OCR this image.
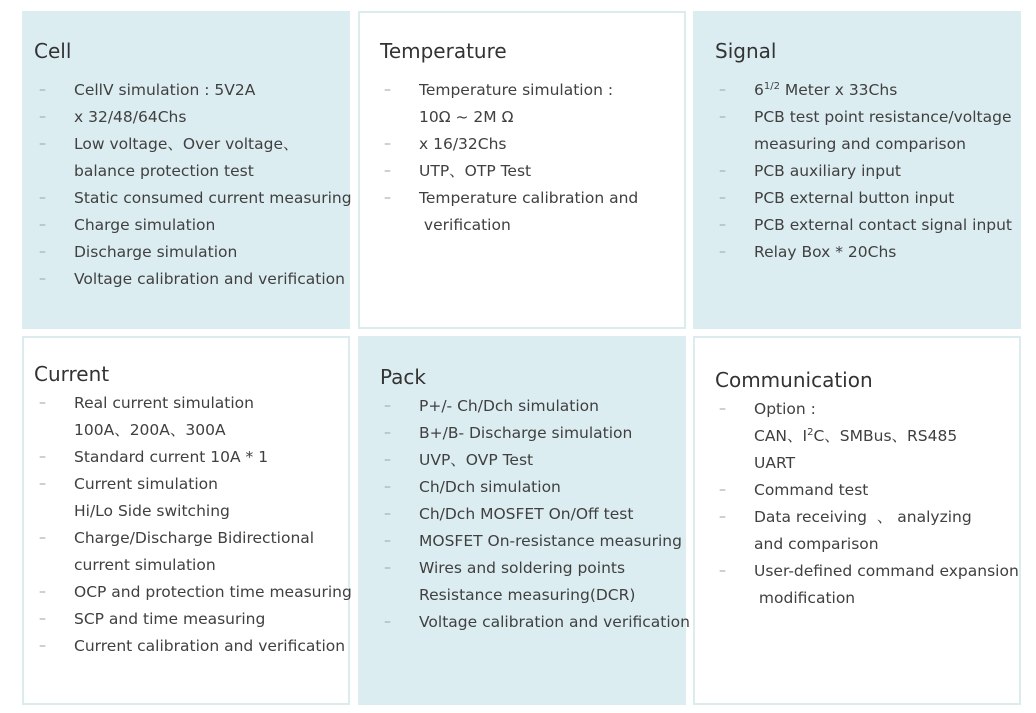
Cell
– CellV simulation : 5V2A
– x 32/48/64Chs
– Low voltage、Over voltage、
balance protection test
– Static consumed current measuring
– Charge simulation
– Discharge simulation
– Voltage calibration and verification
Temperature
– Temperature simulation :
10Ω ~ 2M Ω
– x 16/32Chs
– UTP、OTP Test
– Temperature calibration and
verification
Signal
– $6^{1/2}$ Meter x 33Chs
– PCB test point resistance/voltage
measuring and comparison
– PCB auxiliary input
– PCB external button input
– PCB external contact signal input
– Relay Box * 20Chs
Current
– Real current simulation
100A、200A、300A
– Standard current 10A * 1
– Current simulation
Hi/Lo Side switching
– Charge/Discharge Bidirectional
current simulation
– OCP and protection time measuring
– SCP and time measuring
– Current calibration and verification
Pack
– P+/- Ch/Dch simulation
– B+/B- Discharge simulation
– UVP、OVP Test
– Ch/Dch simulation
– Ch/Dch MOSFET On/Off test
– MOSFET On-resistance measuring
– Wires and soldering points
Resistance measuring(DCR)
– Voltage calibration and verification
Communication
– Option :
CAN、$I^2C$、SMBus、RS485
UART
– Command test
– Data receiving  、 analyzing
and comparison
– User-defined command expansion
modification
